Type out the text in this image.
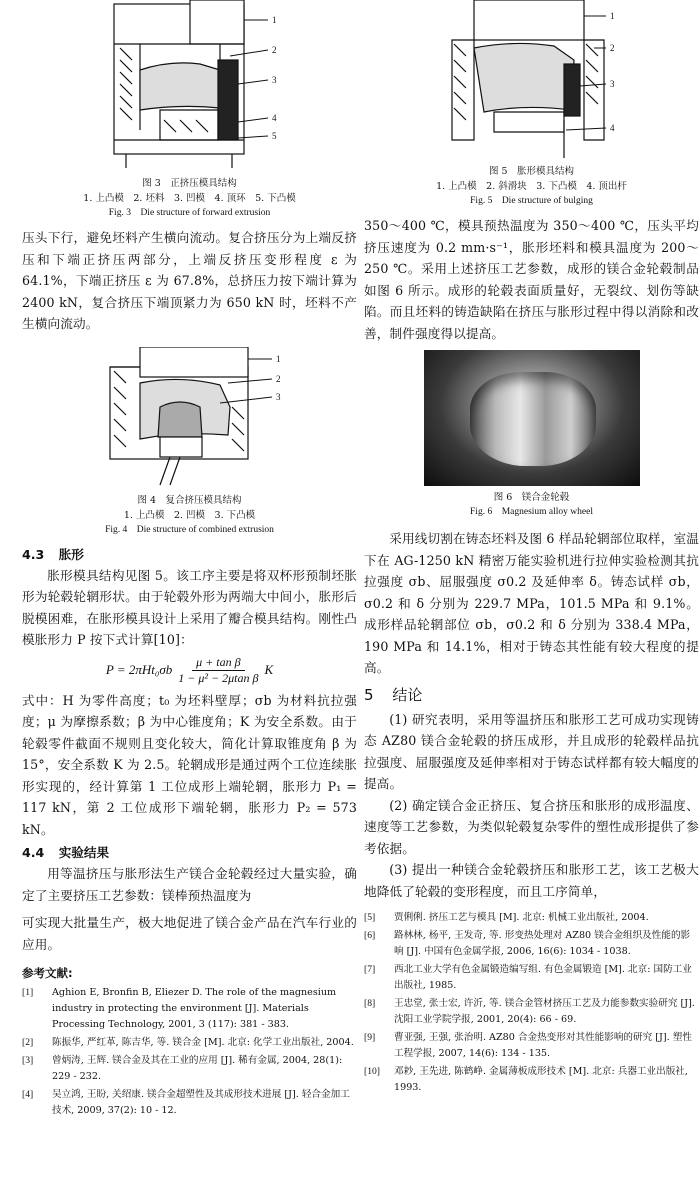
1
2
3
4
5

图 3　正挤压模具结构

1. 上凸模　2. 坯料　3. 凹模　4. 顶环　5. 下凸模

Fig. 3　Die structure of forward extrusion

压头下行，避免坯料产生横向流动。复合挤压分为上端反挤压和下端正挤压两部分，上端反挤压变形程度 ε 为 64.1%，下端正挤压 ε 为 67.8%，总挤压力按下端计算为 2400 kN，复合挤压下端顶紧力为 650 kN 时，坯料不产生横向流动。

1
2
3

图 4　复合挤压模具结构

1. 上凸模　2. 凹模　3. 下凸模

Fig. 4　Die structure of combined extrusion

4.3 胀形

胀形模具结构见图 5。该工序主要是将双杯形预制坯胀形为轮毂轮辋形状。由于轮毂外形为两端大中间小，胀形后脱模困难，在胀形模具设计上采用了瓣合模具结构。刚性凸模胀形力 P 按下式计算[10]：

$P = 2\pi Ht_0\sigma b \frac{\text{μ + tan β}}{\text{1 − μ² − 2μtan β}}$ K

式中：H 为零件高度；t₀ 为坯料壁厚；σb 为材料抗拉强度；μ 为摩擦系数；β 为中心锥度角；K 为安全系数。由于轮毂零件截面不规则且变化较大，简化计算取锥度角 β 为 15°，安全系数 K 为 2.5。轮辋成形是通过两个工位连续胀形实现的，经计算第 1 工位成形上端轮辋，胀形力 P₁ = 117 kN，第 2 工位成形下端轮辋，胀形力 P₂ = 573 kN。

4.4 实验结果

用等温挤压与胀形法生产镁合金轮毂经过大量实验，确定了主要挤压工艺参数：镁棒预热温度为

可实现大批量生产，极大地促进了镁合金产品在汽车行业的应用。

参考文献:
[1]	Aghion E, Bronfin B, Eliezer D. The role of the magnesium industry in protecting the environment [J]. Materials Processing Technology, 2001, 3 (117): 381 - 383.
[2]	陈振华, 严红革, 陈吉华, 等. 镁合金 [M]. 北京: 化学工业出版社, 2004.
[3]	曾炳涛, 王辉. 镁合金及其在工业的应用 [J]. 稀有金属, 2004, 28(1): 229 - 232.
[4]	吴立鸿, 王盼, 关绍康. 镁合金超塑性及其成形技术进展 [J]. 轻合金加工技术, 2009, 37(2): 10 - 12.
1
2
3
4

图 5　胀形模具结构

1. 上凸模　2. 斜滑块　3. 下凸模　4. 顶出杆

Fig. 5　Die structure of bulging

350～400 ℃，模具预热温度为 350～400 ℃，压头平均挤压速度为 0.2 mm·s⁻¹，胀形坯料和模具温度为 200～250 ℃。采用上述挤压工艺参数，成形的镁合金轮毂制品如图 6 所示。成形的轮毂表面质量好，无裂纹、划伤等缺陷。而且坯料的铸造缺陷在挤压与胀形过程中得以消除和改善，制件强度得以提高。

图 6　镁合金轮毂

Fig. 6　Magnesium alloy wheel

采用线切割在铸态坯料及图 6 样品轮辋部位取样，室温下在 AG-1250 kN 精密万能实验机进行拉伸实验检测其抗拉强度 σb、屈服强度 σ0.2 及延伸率 δ。铸态试样 σb，σ0.2 和 δ 分别为 229.7 MPa，101.5 MPa 和 9.1%。成形样品轮辋部位 σb，σ0.2 和 δ 分别为 338.4 MPa，190 MPa 和 14.1%，相对于铸态其性能有较大程度的提高。

5 结论

(1) 研究表明，采用等温挤压和胀形工艺可成功实现铸态 AZ80 镁合金轮毂的挤压成形，并且成形的轮毂样品抗拉强度、屈服强度及延伸率相对于铸态试样都有较大幅度的提高。

(2) 确定镁合金正挤压、复合挤压和胀形的成形温度、速度等工艺参数，为类似轮毂复杂零件的塑性成形提供了参考依据。

(3) 提出一种镁合金轮毂挤压和胀形工艺，该工艺极大地降低了轮毂的变形程度，而且工序简单，

[5]	贾俐俐. 挤压工艺与模具 [M]. 北京: 机械工业出版社, 2004.
[6]	路林林, 杨平, 王发奇, 等. 形变热处理对 AZ80 镁合金组织及性能的影响 [J]. 中国有色金属学报, 2006, 16(6): 1034 - 1038.
[7]	西北工业大学有色金属锻造编写组. 有色金属锻造 [M]. 北京: 国防工业出版社, 1985.
[8]	王忠堂, 张士宏, 许沂, 等. 镁合金管材挤压工艺及力能参数实验研究 [J]. 沈阳工业学院学报, 2001, 20(4): 66 - 69.
[9]	曹亚强, 王强, 张治明. AZ80 合金热变形对其性能影响的研究 [J]. 塑性工程学报, 2007, 14(6): 134 - 135.
[10]	邓耖, 王先进, 陈鹤峥. 金属薄板成形技术 [M]. 北京: 兵器工业出版社, 1993.
